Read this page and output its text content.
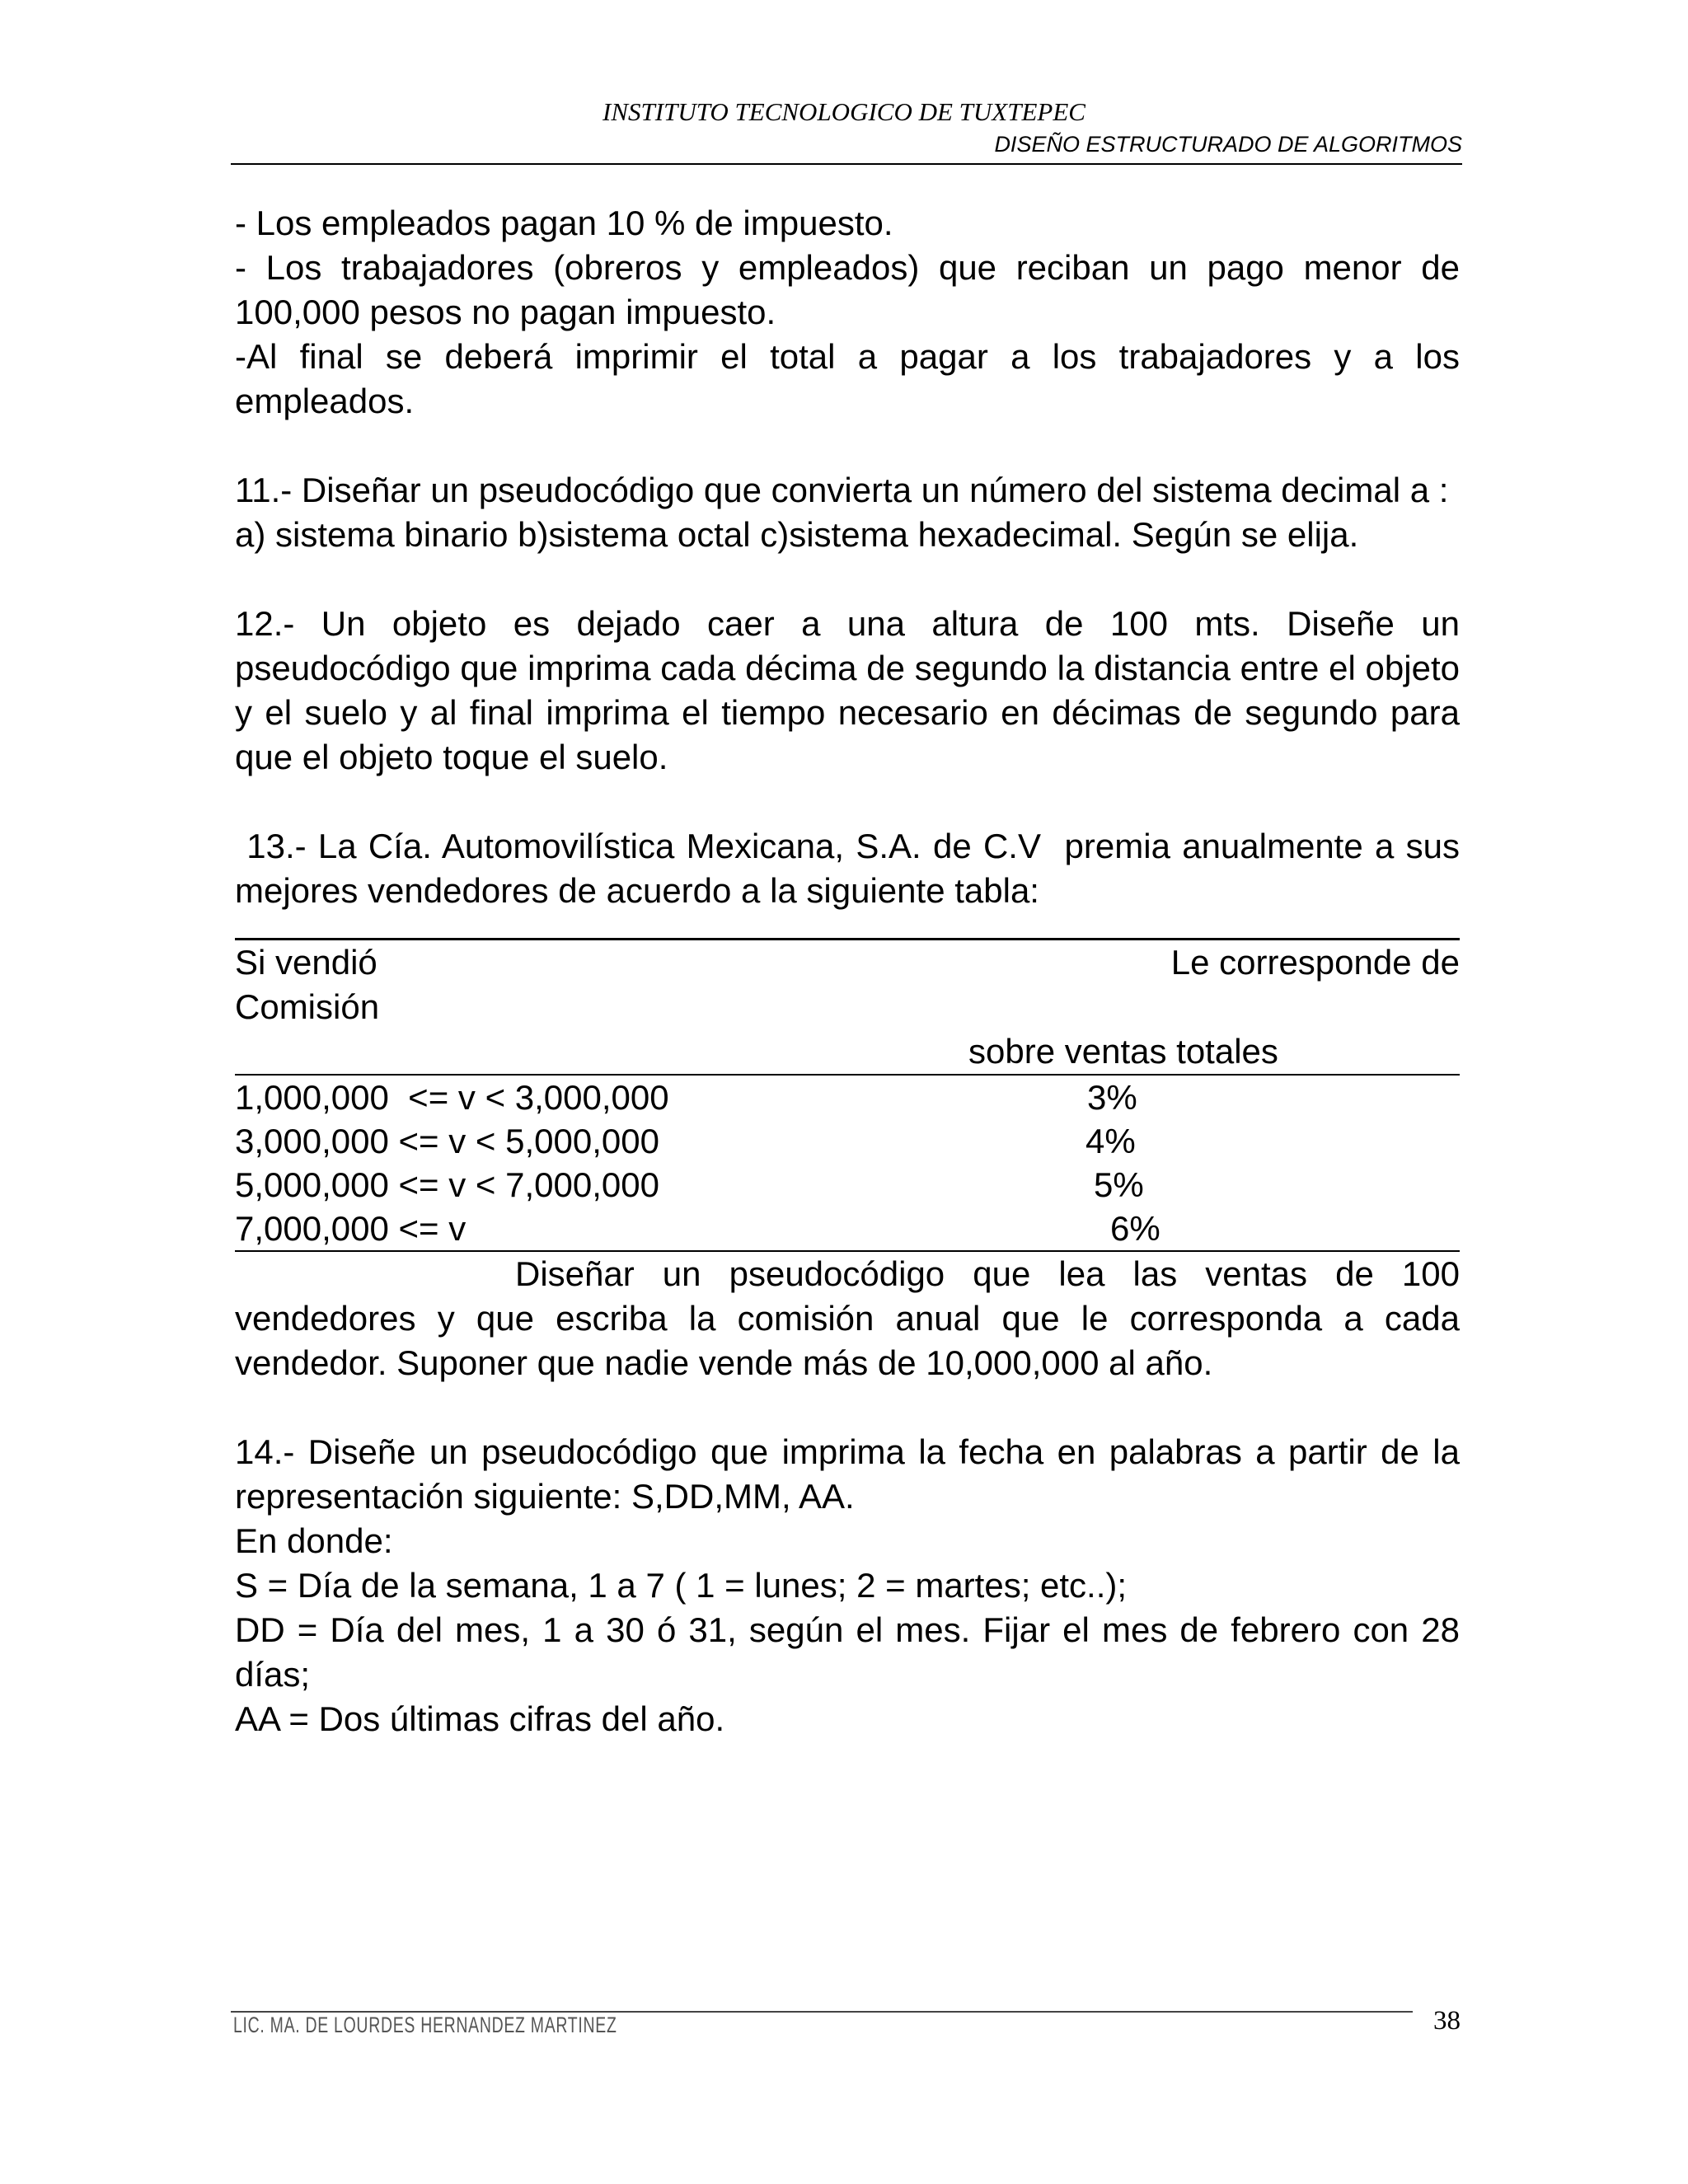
INSTITUTO TECNOLOGICO DE TUXTEPEC
DISEÑO ESTRUCTURADO DE ALGORITMOS

- Los empleados pagan 10 % de impuesto.

- Los trabajadores (obreros y empleados) que reciban un pago menor de 100,000 pesos no pagan impuesto.

-Al final se deberá imprimir el total a pagar a los trabajadores y a los empleados.

11.- Diseñar un pseudocódigo que convierta un número del sistema decimal a :

a) sistema binario b)sistema octal c)sistema hexadecimal. Según se elija.

12.- Un objeto es dejado caer a una altura de 100 mts. Diseñe un pseudocódigo que imprima cada décima de segundo la distancia entre el objeto y el suelo y al final imprima el tiempo necesario en décimas de segundo para que el objeto toque el suelo.

13.- La Cía. Automovilística Mexicana, S.A. de C.V  premia anualmente a sus mejores vendedores de acuerdo a la siguiente tabla:

Si vendió	Le corresponde de
Comisión
sobre ventas totales
1,000,000  <= v < 3,000,000	3%
3,000,000 <= v < 5,000,000	4%
5,000,000 <= v < 7,000,000	5%
7,000,000 <= v	6%

Diseñar un pseudocódigo que lea las ventas de 100 vendedores y que escriba la comisión anual que le corresponda a cada vendedor. Suponer que nadie vende más de 10,000,000 al año.

14.- Diseñe un pseudocódigo que imprima la fecha en palabras a partir de la representación siguiente: S,DD,MM, AA.

En donde:

S = Día de la semana, 1 a 7 ( 1 = lunes; 2 = martes; etc..);

DD = Día del mes, 1 a 30 ó 31, según el mes. Fijar el mes de febrero con 28 días;

AA = Dos últimas cifras del año.

LIC. MA. DE LOURDES HERNANDEZ MARTINEZ	38
